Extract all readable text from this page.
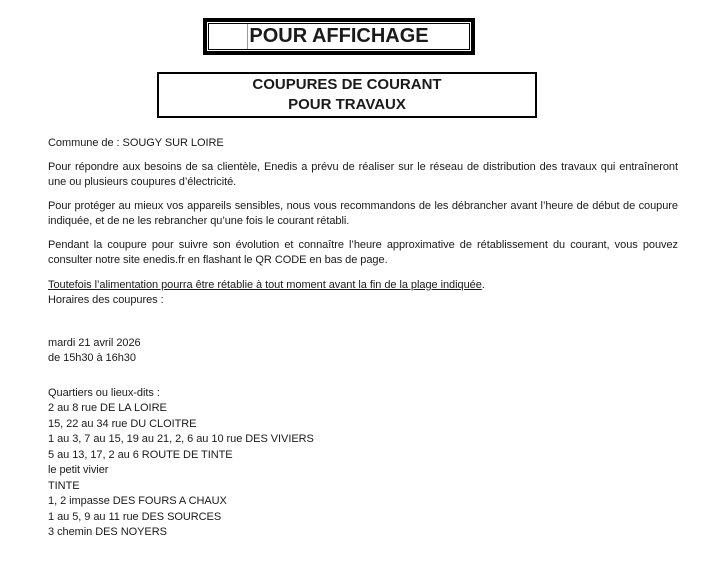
POUR AFFICHAGE
COUPURES DE COURANT
POUR TRAVAUX
Commune de : SOUGY SUR LOIRE

Pour répondre aux besoins de sa clientèle, Enedis a prévu de réaliser sur le réseau de distribution des travaux qui entraîneront une ou plusieurs coupures d’électricité.

Pour protéger au mieux vos appareils sensibles, nous vous recommandons de les débrancher avant l’heure de début de coupure indiquée, et de ne les rebrancher qu’une fois le courant rétabli.

Pendant la coupure pour suivre son évolution et connaître l’heure approximative de rétablissement du courant, vous pouvez consulter notre site enedis.fr en flashant le QR CODE en bas de page.

Toutefois l’alimentation pourra être rétablie à tout moment avant la fin de la plage indiquée.

Horaires des coupures :
mardi 21 avril 2026
de 15h30 à 16h30
Quartiers ou lieux-dits :
2 au 8 rue DE LA LOIRE
15, 22 au 34 rue DU CLOITRE
1 au 3, 7 au 15, 19 au 21, 2, 6 au 10 rue DES VIVIERS
5 au 13, 17, 2 au 6 ROUTE DE TINTE
le petit vivier
TINTE
1, 2 impasse DES FOURS A CHAUX
1 au 5, 9 au 11 rue DES SOURCES
3 chemin DES NOYERS
